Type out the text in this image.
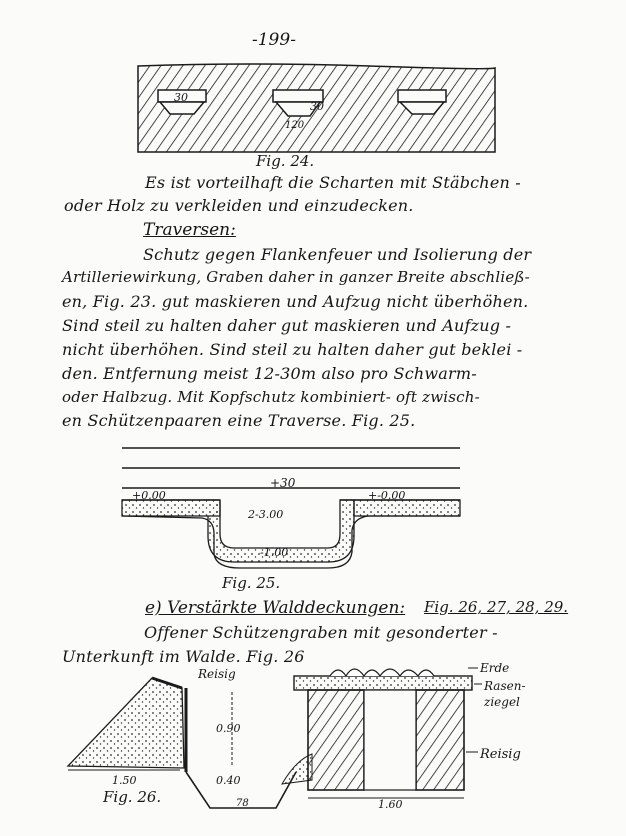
-199-
30
30
120
Fig. 24.
Es ist vorteilhaft die Scharten mit Stäbchen -
oder Holz zu verkleiden und einzudecken.
Traversen:
Schutz gegen Flankenfeuer und Isolierung der
Artilleriewirkung, Graben daher in ganzer Breite abschließ-
en, Fig. 23. gut maskieren und Aufzug nicht überhöhen.
Sind steil zu halten daher gut maskieren und Aufzug -
nicht überhöhen. Sind steil zu halten daher gut beklei -
den. Entfernung meist 12-30m also pro Schwarm-
oder Halbzug. Mit Kopfschutz kombiniert- oft zwisch-
en Schützenpaaren eine Traverse. Fig. 25.
+30
+0.00	+-0.00
2-3.00
-1.00
Fig. 25.
e) Verstärkte Walddeckungen: Fig. 26, 27, 28, 29.
Offener Schützengraben mit gesonderter -
Unterkunft im Walde. Fig. 26
Reisig
0.90
0.40
1.50
78	1.60
Erde
Rasen-
ziegel
Reisig
Fig. 26.
